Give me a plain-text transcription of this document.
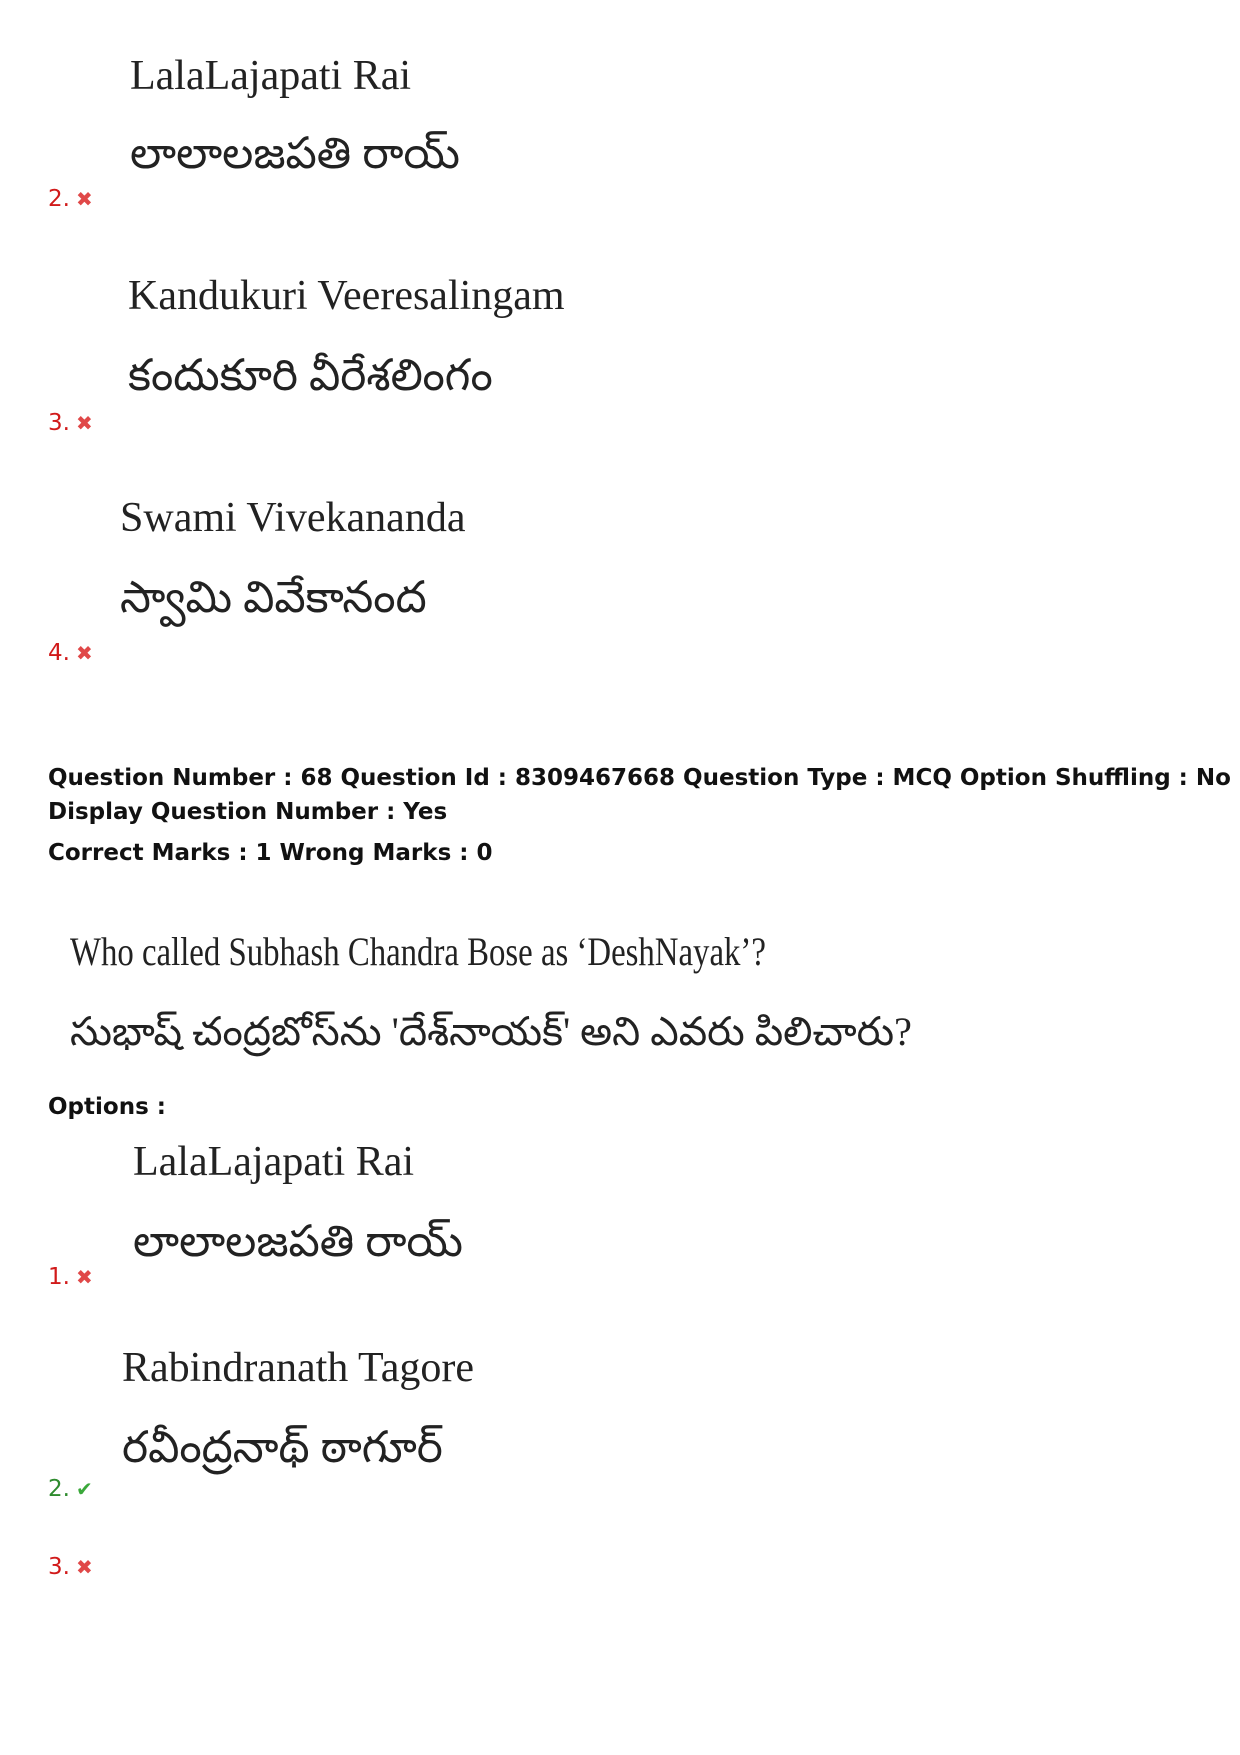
LalaLajapati Rai
లాలాలజపతి రాయ్
2. ✖
Kandukuri Veeresalingam
కందుకూరి వీరేశలింగం
3. ✖
Swami Vivekananda
స్వామి వివేకానంద
4. ✖
Question Number : 68 Question Id : 8309467668 Question Type : MCQ Option Shuffling : No
Display Question Number : Yes
Correct Marks : 1 Wrong Marks : 0
Who called Subhash Chandra Bose as ‘DeshNayak’?
సుభాష్ చంద్రబోస్‌ను 'దేశ్‌నాయక్' అని ఎవరు పిలిచారు?
Options :
LalaLajapati Rai
లాలాలజపతి రాయ్
1. ✖
Rabindranath Tagore
రవీంద్రనాథ్ ఠాగూర్
2. ✔
3. ✖
